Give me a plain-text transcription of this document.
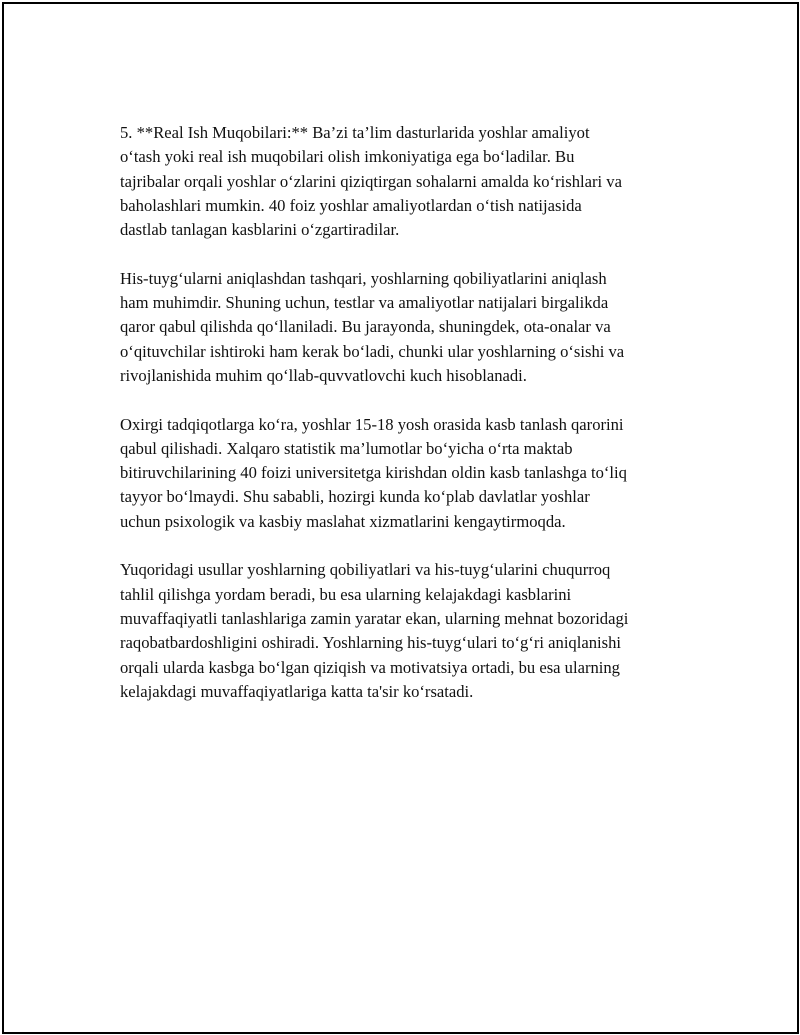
5. **Real Ish Muqobilari:** Ba’zi ta’lim dasturlarida yoshlar amaliyot
o‘tash yoki real ish muqobilari olish imkoniyatiga ega bo‘ladilar. Bu
tajribalar orqali yoshlar o‘zlarini qiziqtirgan sohalarni amalda ko‘rishlari va
baholashlari mumkin. 40 foiz yoshlar amaliyotlardan o‘tish natijasida
dastlab tanlagan kasblarini o‘zgartiradilar.

His-tuyg‘ularni aniqlashdan tashqari, yoshlarning qobiliyatlarini aniqlash
ham muhimdir. Shuning uchun, testlar va amaliyotlar natijalari birgalikda
qaror qabul qilishda qo‘llaniladi. Bu jarayonda, shuningdek, ota-onalar va
o‘qituvchilar ishtiroki ham kerak bo‘ladi, chunki ular yoshlarning o‘sishi va
rivojlanishida muhim qo‘llab-quvvatlovchi kuch hisoblanadi.

Oxirgi tadqiqotlarga ko‘ra, yoshlar 15-18 yosh orasida kasb tanlash qarorini
qabul qilishadi. Xalqaro statistik ma’lumotlar bo‘yicha o‘rta maktab
bitiruvchilarining 40 foizi universitetga kirishdan oldin kasb tanlashga to‘liq
tayyor bo‘lmaydi. Shu sababli, hozirgi kunda ko‘plab davlatlar yoshlar
uchun psixologik va kasbiy maslahat xizmatlarini kengaytirmoqda.

Yuqoridagi usullar yoshlarning qobiliyatlari va his-tuyg‘ularini chuqurroq
tahlil qilishga yordam beradi, bu esa ularning kelajakdagi kasblarini
muvaffaqiyatli tanlashlariga zamin yaratar ekan, ularning mehnat bozoridagi
raqobatbardoshligini oshiradi. Yoshlarning his-tuyg‘ulari to‘g‘ri aniqlanishi
orqali ularda kasbga bo‘lgan qiziqish va motivatsiya ortadi, bu esa ularning
kelajakdagi muvaffaqiyatlariga katta ta'sir ko‘rsatadi.
